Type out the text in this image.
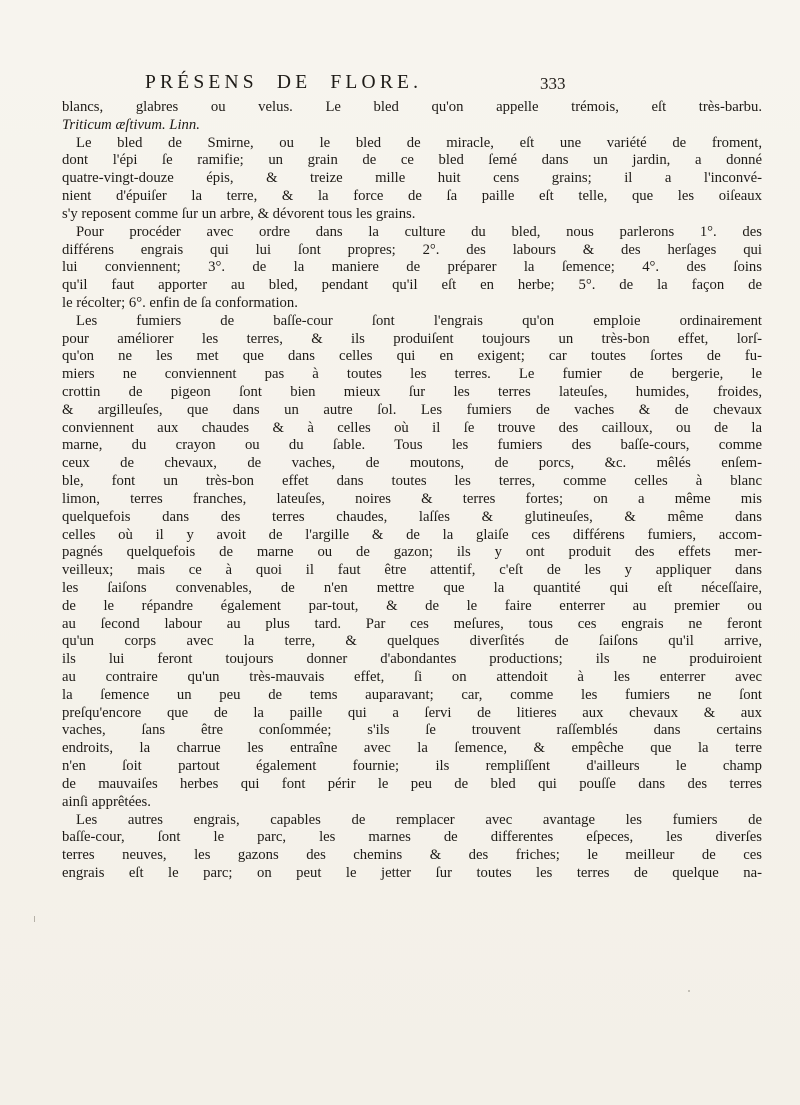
PRÉSENS DE FLORE.	333
blancs, glabres ou velus. Le bled qu'on appelle trémois, eſt très-barbu.
Triticum æſtivum. Linn.
Le bled de Smirne, ou le bled de miracle, eſt une variété de froment,
dont l'épi ſe ramifie; un grain de ce bled ſemé dans un jardin, a donné
quatre-vingt-douze épis, & treize mille huit cens grains; il a l'inconvé-
nient d'épuiſer la terre, & la force de ſa paille eſt telle, que les oiſeaux
s'y reposent comme ſur un arbre, & dévorent tous les grains.
Pour procéder avec ordre dans la culture du bled, nous parlerons 1°. des
différens engrais qui lui ſont propres; 2°. des labours & des herſages qui
lui conviennent; 3°. de la maniere de préparer la ſemence; 4°. des ſoins
qu'il faut apporter au bled, pendant qu'il eſt en herbe; 5°. de la façon de
le récolter; 6°. enfin de ſa conformation.
Les fumiers de baſſe-cour ſont l'engrais qu'on emploie ordinairement
pour améliorer les terres, & ils produiſent toujours un très-bon effet, lorſ-
qu'on ne les met que dans celles qui en exigent; car toutes ſortes de fu-
miers ne conviennent pas à toutes les terres. Le fumier de bergerie, le
crottin de pigeon ſont bien mieux ſur les terres lateuſes, humides, froides,
& argilleuſes, que dans un autre ſol. Les fumiers de vaches & de chevaux
conviennent aux chaudes & à celles où il ſe trouve des cailloux, ou de la
marne, du crayon ou du ſable. Tous les fumiers des baſſe-cours, comme
ceux de chevaux, de vaches, de moutons, de porcs, &c. mêlés enſem-
ble, font un très-bon effet dans toutes les terres, comme celles à blanc
limon, terres franches, lateuſes, noires & terres fortes; on a même mis
quelquefois dans des terres chaudes, laſſes & glutineuſes, & même dans
celles où il y avoit de l'argille & de la glaiſe ces différens fumiers, accom-
pagnés quelquefois de marne ou de gazon; ils y ont produit des effets mer-
veilleux; mais ce à quoi il faut être attentif, c'eſt de les y appliquer dans
les ſaiſons convenables, de n'en mettre que la quantité qui eſt néceſſaire,
de le répandre également par-tout, & de le faire enterrer au premier ou
au ſecond labour au plus tard. Par ces meſures, tous ces engrais ne feront
qu'un corps avec la terre, & quelques diverſités de ſaiſons qu'il arrive,
ils lui feront toujours donner d'abondantes productions; ils ne produiroient
au contraire qu'un très-mauvais effet, ſi on attendoit à les enterrer avec
la ſemence un peu de tems auparavant; car, comme les fumiers ne ſont
preſqu'encore que de la paille qui a ſervi de litieres aux chevaux & aux
vaches, ſans être conſommée; s'ils ſe trouvent raſſemblés dans certains
endroits, la charrue les entraîne avec la ſemence, & empêche que la terre
n'en ſoit partout également fournie; ils rempliſſent d'ailleurs le champ
de mauvaiſes herbes qui font périr le peu de bled qui pouſſe dans des terres
ainſi apprêtées.
Les autres engrais, capables de remplacer avec avantage les fumiers de
baſſe-cour, ſont le parc, les marnes de differentes eſpeces, les diverſes
terres neuves, les gazons des chemins & des friches; le meilleur de ces
engrais eſt le parc; on peut le jetter ſur toutes les terres de quelque na-
